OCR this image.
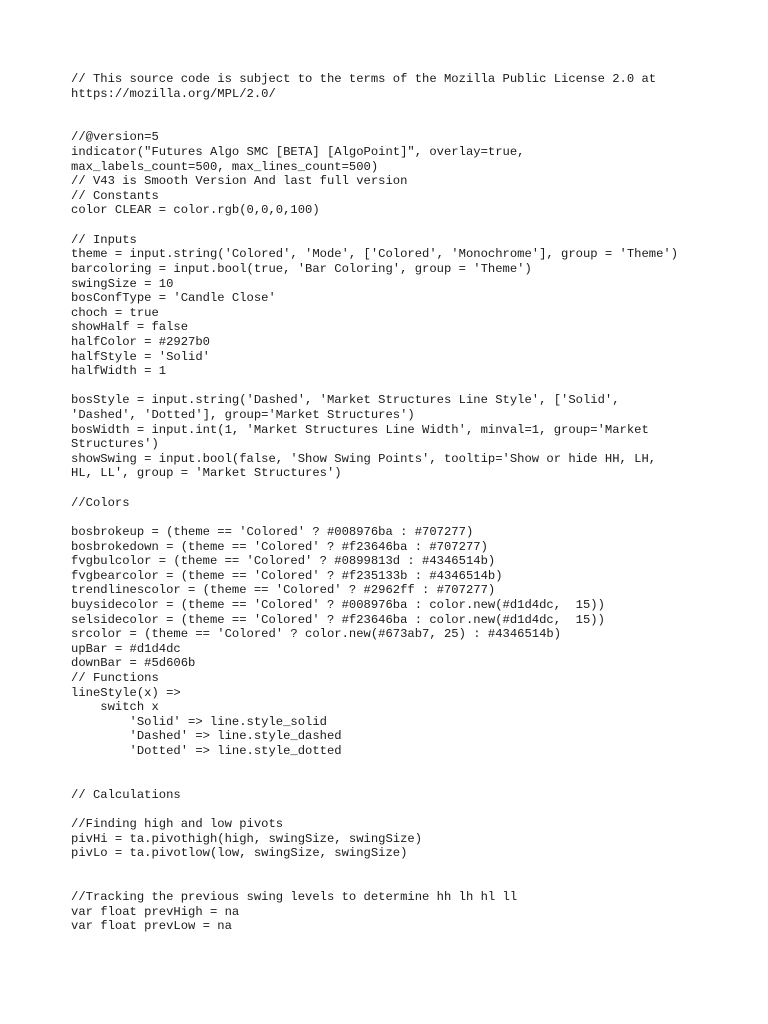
// This source code is subject to the terms of the Mozilla Public License 2.0 at
https://mozilla.org/MPL/2.0/
//@version=5
indicator("Futures Algo SMC [BETA] [AlgoPoint]", overlay=true,
max_labels_count=500, max_lines_count=500)
// V43 is Smooth Version And last full version
// Constants
color CLEAR = color.rgb(0,0,0,100)
// Inputs
theme = input.string('Colored', 'Mode', ['Colored', 'Monochrome'], group = 'Theme')
barcoloring = input.bool(true, 'Bar Coloring', group = 'Theme')
swingSize = 10
bosConfType = 'Candle Close'
choch = true
showHalf = false
halfColor = #2927b0
halfStyle = 'Solid'
halfWidth = 1
bosStyle = input.string('Dashed', 'Market Structures Line Style', ['Solid',
'Dashed', 'Dotted'], group='Market Structures')
bosWidth = input.int(1, 'Market Structures Line Width', minval=1, group='Market
Structures')
showSwing = input.bool(false, 'Show Swing Points', tooltip='Show or hide HH, LH,
HL, LL', group = 'Market Structures')
//Colors
bosbrokeup = (theme == 'Colored' ? #008976ba : #707277)
bosbrokedown = (theme == 'Colored' ? #f23646ba : #707277)
fvgbulcolor = (theme == 'Colored' ? #0899813d : #4346514b)
fvgbearcolor = (theme == 'Colored' ? #f235133b : #4346514b)
trendlinescolor = (theme == 'Colored' ? #2962ff : #707277)
buysidecolor = (theme == 'Colored' ? #008976ba : color.new(#d1d4dc,  15))
selsidecolor = (theme == 'Colored' ? #f23646ba : color.new(#d1d4dc,  15))
srcolor = (theme == 'Colored' ? color.new(#673ab7, 25) : #4346514b)
upBar = #d1d4dc
downBar = #5d606b
// Functions
lineStyle(x) =>
switch x
'Solid' => line.style_solid
'Dashed' => line.style_dashed
'Dotted' => line.style_dotted
// Calculations
//Finding high and low pivots
pivHi = ta.pivothigh(high, swingSize, swingSize)
pivLo = ta.pivotlow(low, swingSize, swingSize)
//Tracking the previous swing levels to determine hh lh hl ll
var float prevHigh = na
var float prevLow = na
